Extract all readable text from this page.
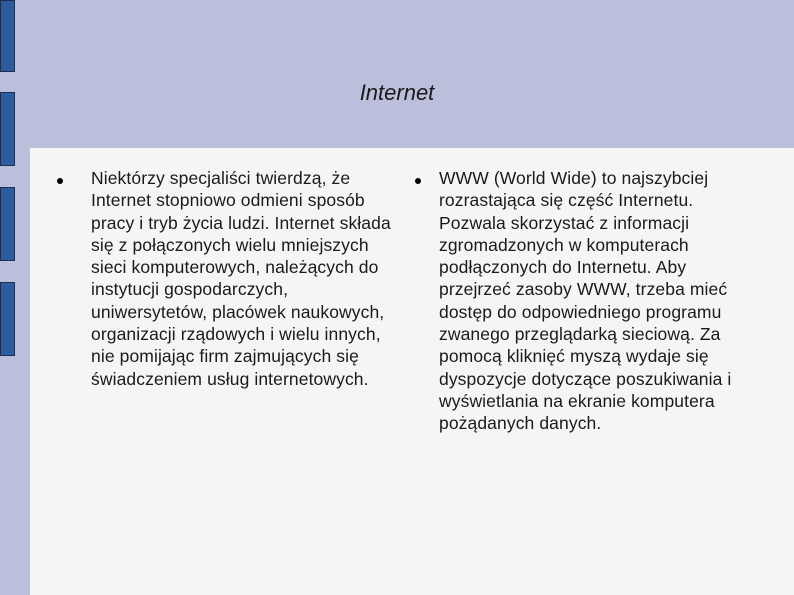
Internet
Niektórzy specjaliści twierdzą, że Internet stopniowo odmieni sposób pracy i tryb życia ludzi. Internet składa się z połączonych wielu mniejszych sieci komputerowych, należących do instytucji gospodarczych, uniwersytetów, placówek naukowych, organizacji rządowych i wielu innych, nie pomijając firm zajmujących się świadczeniem usług internetowych.
WWW (World Wide) to najszybciej rozrastająca się część Internetu. Pozwala skorzystać z informacji zgromadzonych w komputerach podłączonych do Internetu. Aby przejrzeć zasoby WWW, trzeba mieć dostęp do odpowiedniego programu zwanego przeglądarką sieciową. Za pomocą kliknięć myszą wydaje się dyspozycje dotyczące poszukiwania i wyświetlania na ekranie komputera pożądanych danych.
